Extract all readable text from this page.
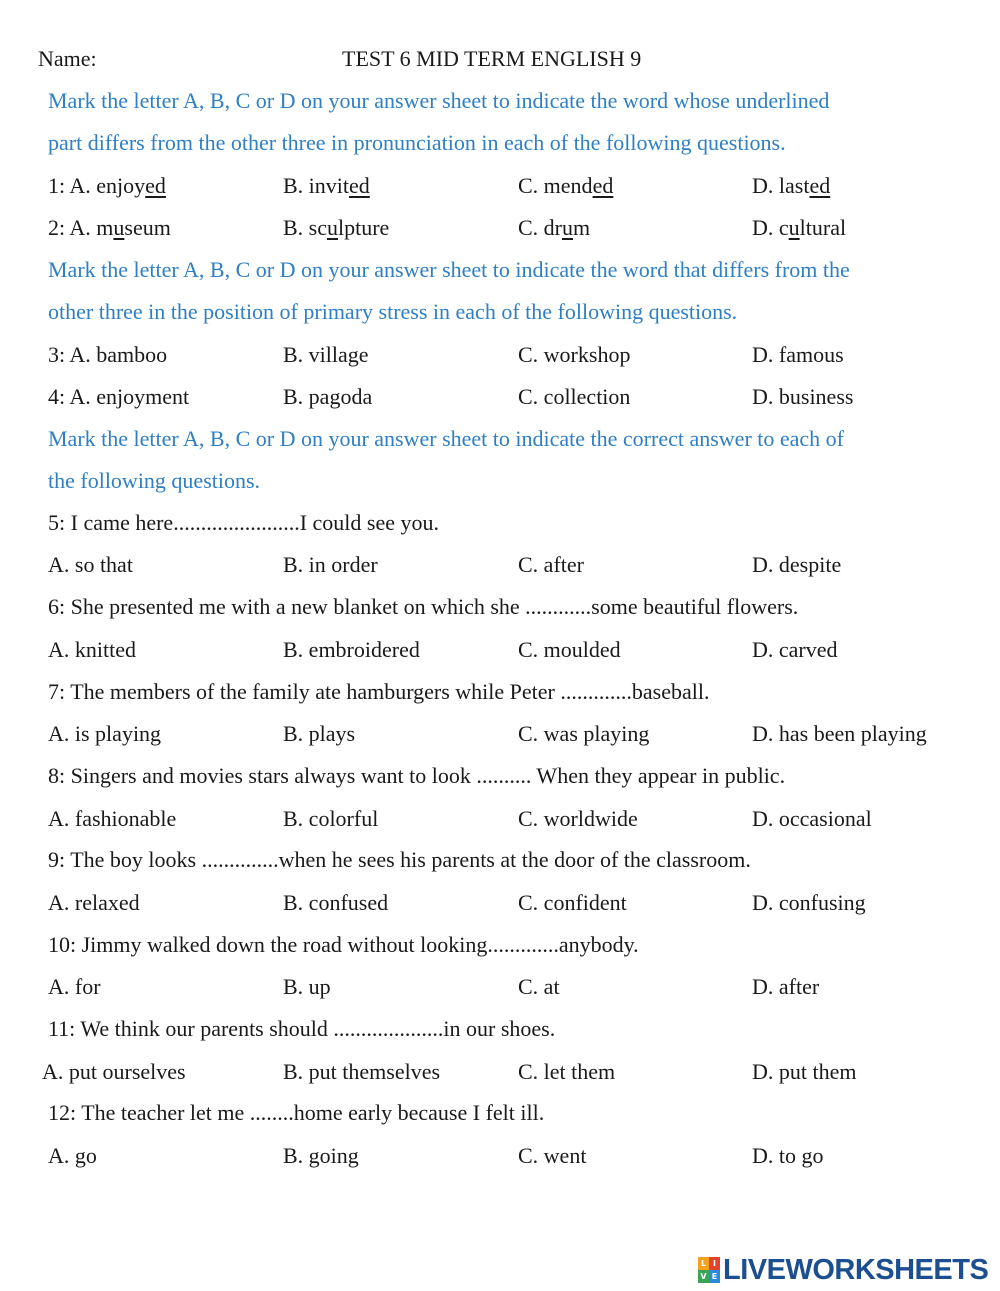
Name:	TEST 6 MID TERM ENGLISH 9
Mark the letter A, B, C or D on your answer sheet to indicate the word whose underlined
part differs from the other three in pronunciation in each of the following questions.
1: A. enjoyed	B. invited	C. mended	D. lasted
2: A. museum	B. sculpture	C. drum	D. cultural
Mark the letter A, B, C or D on your answer sheet to indicate the word that differs from the
other three in the position of primary stress in each of the following questions.
3: A. bamboo	B. village	C. workshop	D. famous
4: A. enjoyment	B. pagoda	C. collection	D. business
Mark the letter A, B, C or D on your answer sheet to indicate the correct answer to each of
the following questions.
5: I came here.......................I could see you.
A. so that	B. in order	C. after	D. despite
6: She presented me with a new blanket on which she ............some beautiful flowers.
A. knitted	B. embroidered	C. moulded	D. carved
7: The members of the family ate hamburgers while Peter .............baseball.
A. is playing	B. plays	C. was playing	D. has been playing
8: Singers and movies stars always want to look .......... When they appear in public.
A. fashionable	B. colorful	C. worldwide	D. occasional
9: The boy looks ..............when he sees his parents at the door of the classroom.
A. relaxed	B. confused	C. confident	D. confusing
10: Jimmy walked down the road without looking.............anybody.
A. for	B. up	C. at	D. after
11: We think our parents should ....................in our shoes.
A. put ourselves	B. put themselves	C. let them	D. put them
12: The teacher let me ........home early because I felt ill.
A. go	B. going	C. went	D. to go
L I
V E LIVEWORKSHEETS
